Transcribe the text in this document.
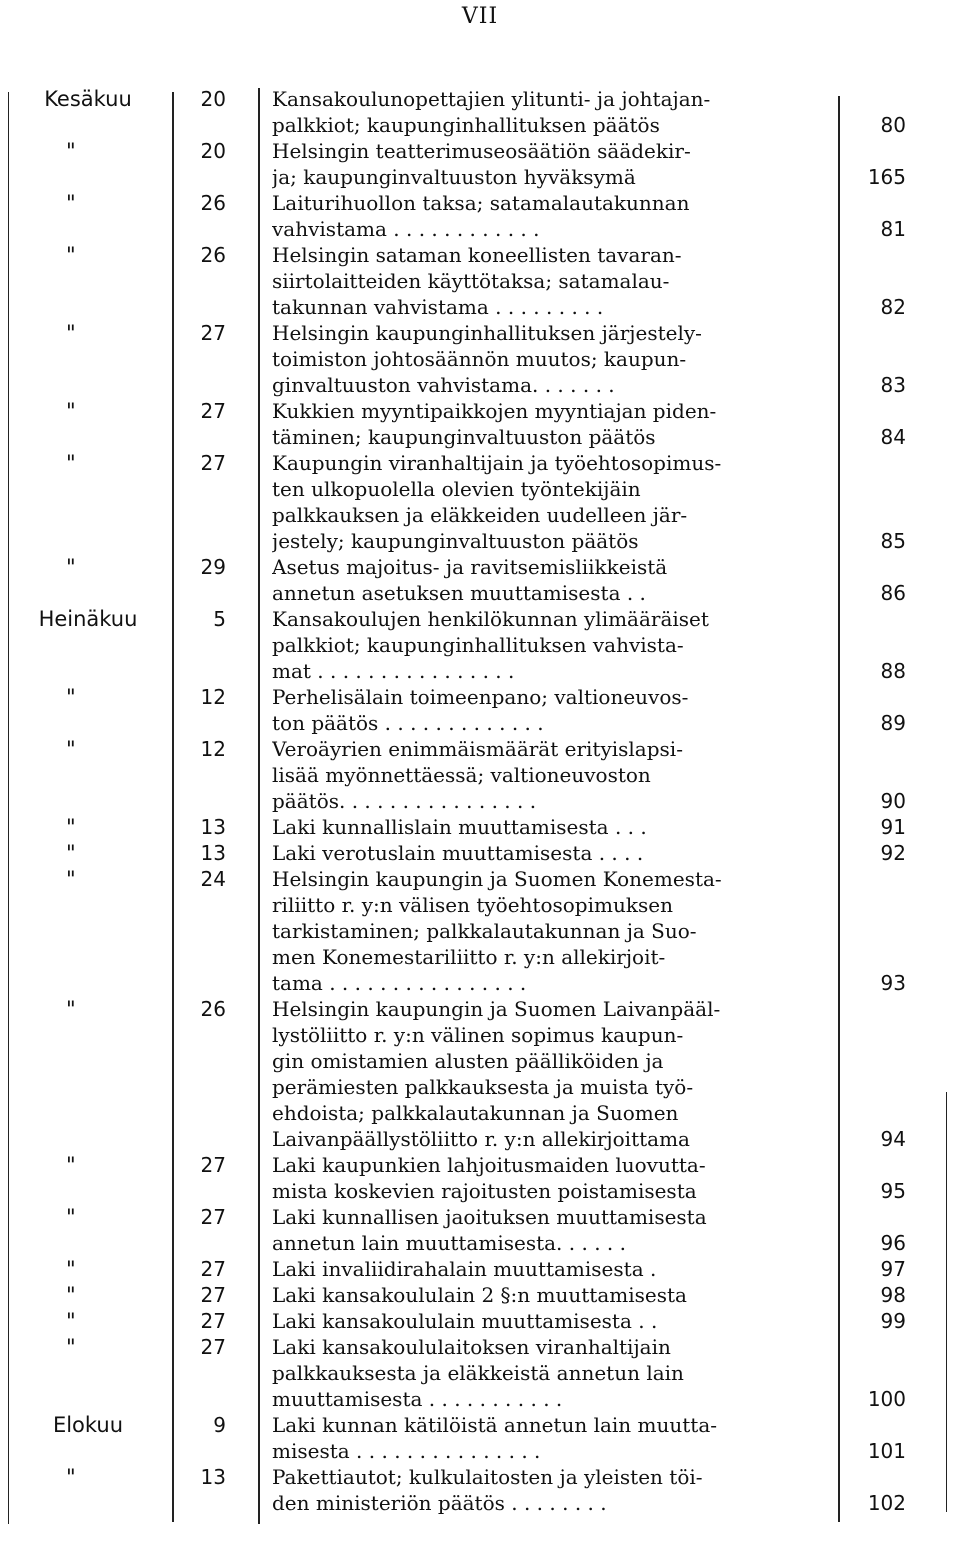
VII
Kesäkuu	20 Kansakoulunopettajien ylitunti- ja johtajan-
palkkiot; kaupunginhallituksen päätös	80
"	20 Helsingin teatterimuseosäätiön säädekir-
ja; kaupunginvaltuuston hyväksymä	165
"	26 Laiturihuollon taksa; satamalautakunnan
vahvistama . . . . . . . . . . . .	81
"	26 Helsingin sataman koneellisten tavaran-
siirtolaitteiden käyttötaksa; satamalau-
takunnan vahvistama . . . . . . . . .	82
"	27 Helsingin kaupunginhallituksen järjestely-
toimiston johtosäännön muutos; kaupun-
ginvaltuuston vahvistama. . . . . . .	83
"	27 Kukkien myyntipaikkojen myyntiajan piden-
täminen; kaupunginvaltuuston päätös	84
"	27 Kaupungin viranhaltijain ja työehtosopimus-
ten ulkopuolella olevien työntekijäin
palkkauksen ja eläkkeiden uudelleen jär-
jestely; kaupunginvaltuuston päätös	85
"	29 Asetus majoitus- ja ravitsemisliikkeistä
annetun asetuksen muuttamisesta . .	86
Heinäkuu	5 Kansakoulujen henkilökunnan ylimääräiset
palkkiot; kaupunginhallituksen vahvista-
mat . . . . . . . . . . . . . . . .	88
"	12 Perhelisälain toimeenpano; valtioneuvos-
ton päätös . . . . . . . . . . . . .	89
"	12 Veroäyrien enimmäismäärät erityislapsi-
lisää myönnettäessä; valtioneuvoston
päätös. . . . . . . . . . . . . . . .	90
"	13 Laki kunnallislain muuttamisesta . . .	91
"	13 Laki verotuslain muuttamisesta . . . .	92
"	24 Helsingin kaupungin ja Suomen Konemesta-
riliitto r. y:n välisen työehtosopimuksen
tarkistaminen; palkkalautakunnan ja Suo-
men Konemestariliitto r. y:n allekirjoit-
tama . . . . . . . . . . . . . . . .	93
"	26 Helsingin kaupungin ja Suomen Laivanpääl-
lystöliitto r. y:n välinen sopimus kaupun-
gin omistamien alusten päälliköiden ja
perämiesten palkkauksesta ja muista työ-
ehdoista; palkkalautakunnan ja Suomen
Laivanpäällystöliitto r. y:n allekirjoittama	94
"	27 Laki kaupunkien lahjoitusmaiden luovutta-
mista koskevien rajoitusten poistamisesta	95
"	27 Laki kunnallisen jaoituksen muuttamisesta
annetun lain muuttamisesta. . . . . .	96
"	27 Laki invaliidirahalain muuttamisesta .	97
"	27 Laki kansakoululain 2 §:n muuttamisesta	98
"	27 Laki kansakoululain muuttamisesta . .	99
"	27 Laki kansakoululaitoksen viranhaltijain
palkkauksesta ja eläkkeistä annetun lain
muuttamisesta . . . . . . . . . . .	100
Elokuu	9 Laki kunnan kätilöistä annetun lain muutta-
misesta . . . . . . . . . . . . . . .	101
"	13 Pakettiautot; kulkulaitosten ja yleisten töi-
den ministeriön päätös . . . . . . . .	102
